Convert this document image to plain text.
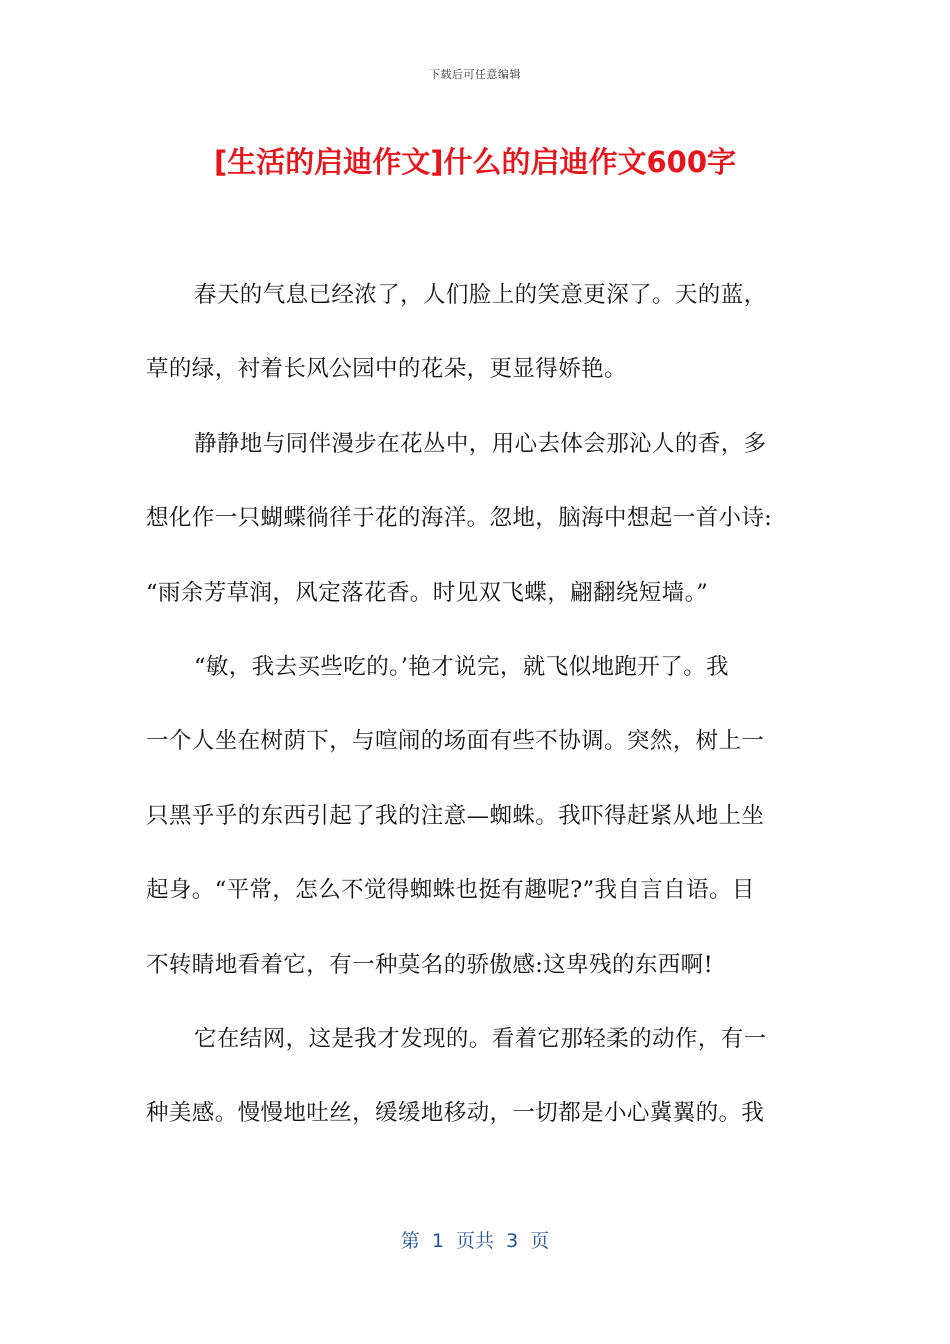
下载后可任意编辑
[生活的启迪作文]什么的启迪作文600字
春天的气息已经浓了，人们脸上的笑意更深了。天的蓝，
草的绿，衬着长风公园中的花朵，更显得娇艳。
静静地与同伴漫步在花丛中，用心去体会那沁人的香，多
想化作一只蝴蝶徜徉于花的海洋。忽地，脑海中想起一首小诗:
“雨余芳草润，风定落花香。时见双飞蝶，翩翻绕短墙。”
“敏，我去买些吃的。’艳才说完，就飞似地跑开了。我
一个人坐在树荫下，与喧闹的场面有些不协调。突然，树上一
只黑乎乎的东西引起了我的注意—蜘蛛。我吓得赶紧从地上坐
起身。“平常，怎么不觉得蜘蛛也挺有趣呢?”我自言自语。目
不转睛地看着它，有一种莫名的骄傲感:这卑残的东西啊!
它在结网，这是我才发现的。看着它那轻柔的动作，有一
种美感。慢慢地吐丝，缓缓地移动，一切都是小心冀翼的。我
第  1  页共  3  页
